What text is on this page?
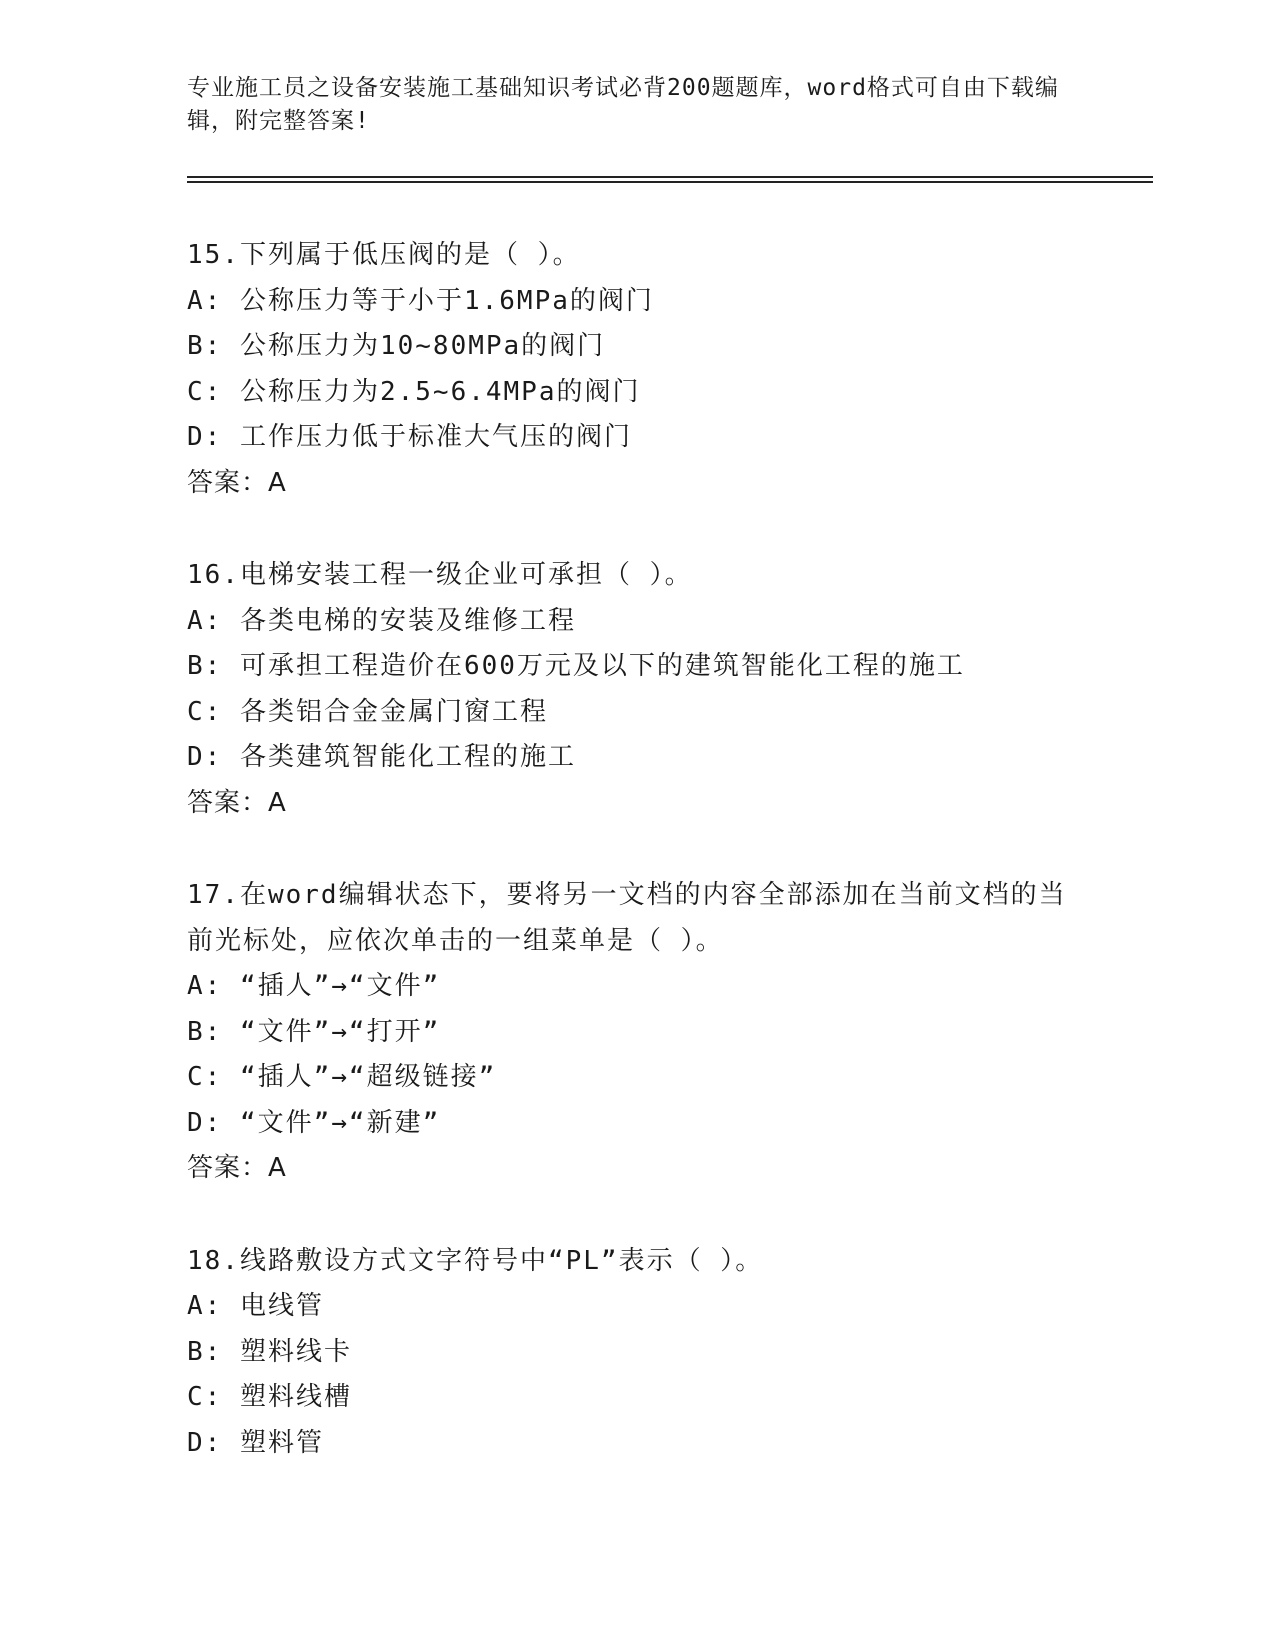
专业施工员之设备安装施工基础知识考试必背200题题库，word格式可自由下载编辑，附完整答案!
15.下列属于低压阀的是（ ）。
A: 公称压力等于小于1.6MPa的阀门
B: 公称压力为10~80MPa的阀门
C: 公称压力为2.5~6.4MPa的阀门
D: 工作压力低于标准大气压的阀门
答案：A
16.电梯安装工程一级企业可承担（ ）。
A: 各类电梯的安装及维修工程
B: 可承担工程造价在600万元及以下的建筑智能化工程的施工
C: 各类铝合金金属门窗工程
D: 各类建筑智能化工程的施工
答案：A
17.在word编辑状态下，要将另一文档的内容全部添加在当前文档的当前光标处，应依次单击的一组菜单是（ ）。
A: “插人”→“文件”
B: “文件”→“打开”
C: “插人”→“超级链接”
D: “文件”→“新建”
答案：A
18.线路敷设方式文字符号中“PL”表示（ ）。
A: 电线管
B: 塑料线卡
C: 塑料线槽
D: 塑料管
